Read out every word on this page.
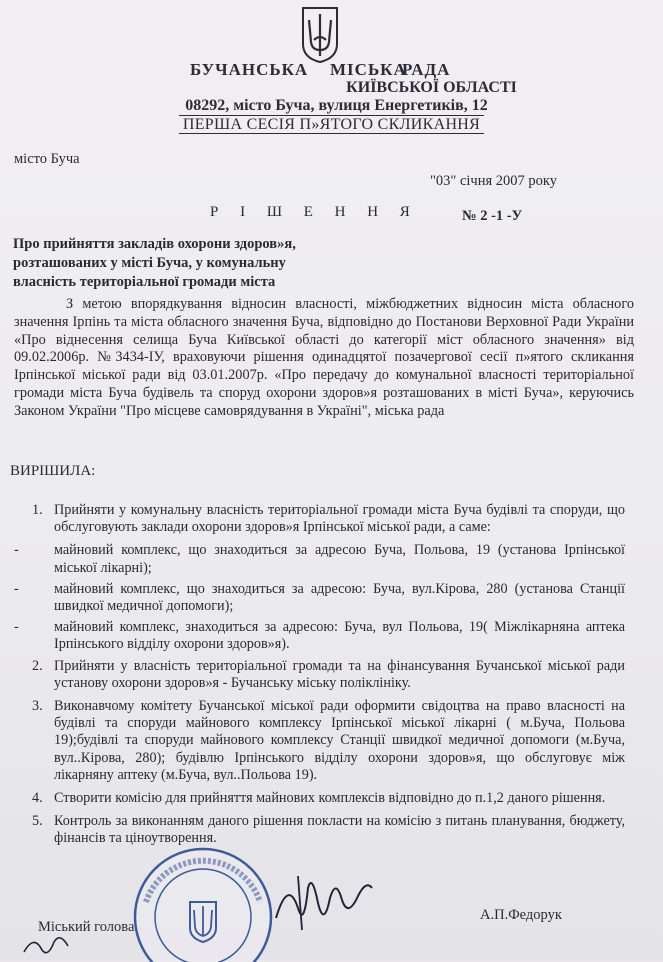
БУЧАНСЬКА МІСЬКА
РАДА
КИЇВСЬКОЇ ОБЛАСТІ
08292, місто Буча, вулиця Енергетиків, 12
ПЕРША СЕСІЯ П»ЯТОГО СКЛИКАННЯ
місто Буча
"03" січня 2007 року
Р І Ш Е Н Н Я	№ 2 -1 -У
Про прийняття закладів охорони здоров»я,
розташованих у місті Буча, у комунальну
власність територіальної громади міста
З метою впорядкування відносин власності, міжбюджетних відносин міста обласного значення Ірпінь та міста обласного значення Буча, відповідно до Постанови Верховної Ради України «Про віднесення селища Буча Київської області до категорії міст обласного значення» від 09.02.2006р. №3434-ІУ, враховуючи рішення одинадцятої позачергової сесії п»ятого скликання Ірпінської міської ради від 03.01.2007р. «Про передачу до комунальної власності територіальної громади міста Буча будівель та споруд охорони здоров»я розташованих в місті Буча», керуючись Законом України "Про місцеве самоврядування в Україні", міська рада
ВИРІШИЛА:
1. Прийняти у комунальну власність територіальної громади міста Буча будівлі та споруди, що обслуговують заклади охорони здоров»я Ірпінської міської ради, а саме:
- майновий комплекс, що знаходиться за адресою Буча, Польова, 19 (установа Ірпінської міської лікарні);
- майновий комплекс, що знаходиться за адресою: Буча, вул.Кірова, 280 (установа Станції швидкої медичної допомоги);
- майновий комплекс, знаходиться за адресою: Буча, вул Польова, 19( Міжлікарняна аптека Ірпінського відділу охорони здоров»я).
2. Прийняти у власність територіальної громади та на фінансування Бучанської міської ради установу охорони здоров»я - Бучанську міську поліклініку.
3. Виконавчому комітету Бучанської міської ради оформити свідоцтва на право власності на будівлі та споруди майнового комплексу Ірпінської міської лікарні ( м.Буча, Польова 19);будівлі та споруди майнового комплексу Станції швидкої медичної допомоги (м.Буча, вул..Кірова, 280); будівлю Ірпінського відділу охорони здоров»я, що обслуговує між лікарняну аптеку (м.Буча, вул..Польова 19).
4. Створити комісію для прийняття майнових комплексів відповідно до п.1,2 даного рішення.
5. Контроль за виконанням даного рішення покласти на комісію з питань планування, бюджету, фінансів та ціноутворення.
Міський голова
А.П.Федорук
